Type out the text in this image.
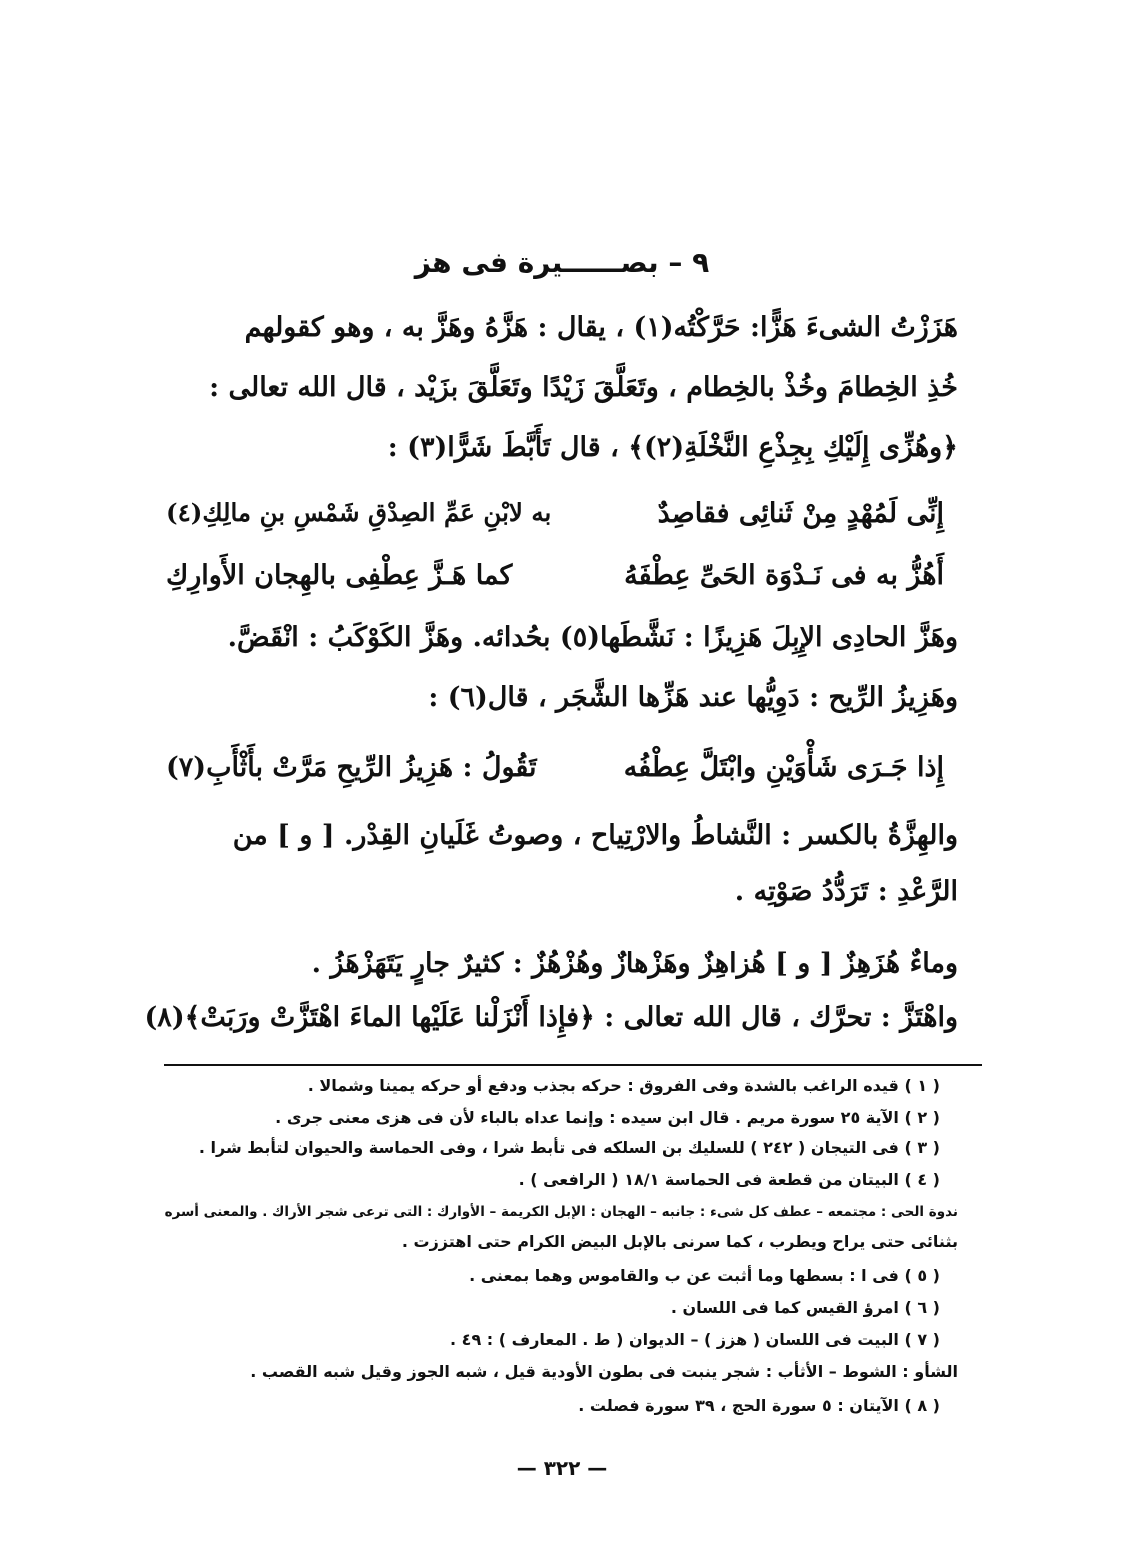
٩ – بصــــــيرة فى هز
هَزَزْتُ الشىءَ هَزًّا: حَرَّكْتُه(١) ، يقال : هَزَّهُ وهَزَّ به ، وهو كقولهم
خُذِ الخِطامَ وخُذْ بالخِطام ، وتَعَلَّقَ زَيْدًا وتَعَلَّقَ بزَيْد ، قال الله تعالى :
﴿وهُزِّى إِلَيْكِ بِجِذْعِ النَّخْلَةِ(٢)﴾ ، قال تَأَبَّطَ شَرًّا(٣) :
إِنِّى لَمُهْدٍ مِنْ ثَنائِى فقاصِدٌ
به لابْنِ عَمِّ الصِدْقِ شَمْسِ بنِ مالِكِ(٤)
أَهُزُّ به فى نَـدْوَة الحَىِّ عِطْفَهُ
كما هَـزَّ عِطْفِى بالهِجان الأَوارِكِ
وهَزَّ الحادِى الإِبِلَ هَزِيزًا : نَشَّطَها(٥) بحُدائه. وهَزَّ الكَوْكَبُ : انْقَضَّ.
وهَزِيزُ الرِّيح : دَوِيُّها عند هَزِّها الشَّجَر ، قال(٦) :
إِذا جَـرَى شَأْوَيْنِ وابْتَلَّ عِطْفُه
تَقُولُ : هَزِيزُ الرِّيحِ مَرَّتْ بأَثْأَبِ(٧)
والهِزَّةُ بالكسر : النَّشاطُ والارْتِياح ، وصوتُ غَلَيانِ القِدْر. [ و ] من
الرَّعْدِ : تَرَدُّدُ صَوْتِه .
وماءٌ هُزَهِزٌ [ و ] هُزاهِزٌ وهَزْهازٌ وهُزْهُزٌ : كثيرٌ جارٍ يَتَهَزْهَزُ .
واهْتَزَّ : تحرَّك ، قال الله تعالى : ﴿فإِذا أَنْزَلْنا عَلَيْها الماءَ اهْتَزَّتْ ورَبَتْ﴾(٨)
( ١ ) قيده الراغب بالشدة وفى الفروق : حركه بجذب ودفع أو حركه يمينا وشمالا .
( ٢ ) الآية ٢٥ سورة مريم . قال ابن سيده : وإنما عداه بالباء لأن فى هزى معنى جرى .
( ٣ ) فى التيجان ( ٢٤٢ ) للسليك بن السلكه فى تأبط شرا ، وفى الحماسة والحيوان لتأبط شرا .
( ٤ ) البيتان من قطعة فى الحماسة ١٨/١ ( الرافعى ) .
ندوة الحى : مجتمعه – عطف كل شىء : جانبه – الهجان : الإبل الكريمة – الأوارك : التى ترعى شجر الأراك . والمعنى أسره
بثنائى حتى يراح ويطرب ، كما سرنى بالإبل البيض الكرام حتى اهتززت .
( ٥ ) فى ا : بسطها وما أثبت عن ب والقاموس وهما بمعنى .
( ٦ ) امرؤ القيس كما فى اللسان .
( ٧ ) البيت فى اللسان ( هزز ) – الديوان ( ط . المعارف ) : ٤٩ .
الشأو : الشوط – الأثأب : شجر ينبت فى بطون الأودية قيل ، شبه الجوز وقيل شبه القصب .
( ٨ ) الآيتان : ٥ سورة الحج ، ٣٩ سورة فصلت .
— ٣٢٢ —
